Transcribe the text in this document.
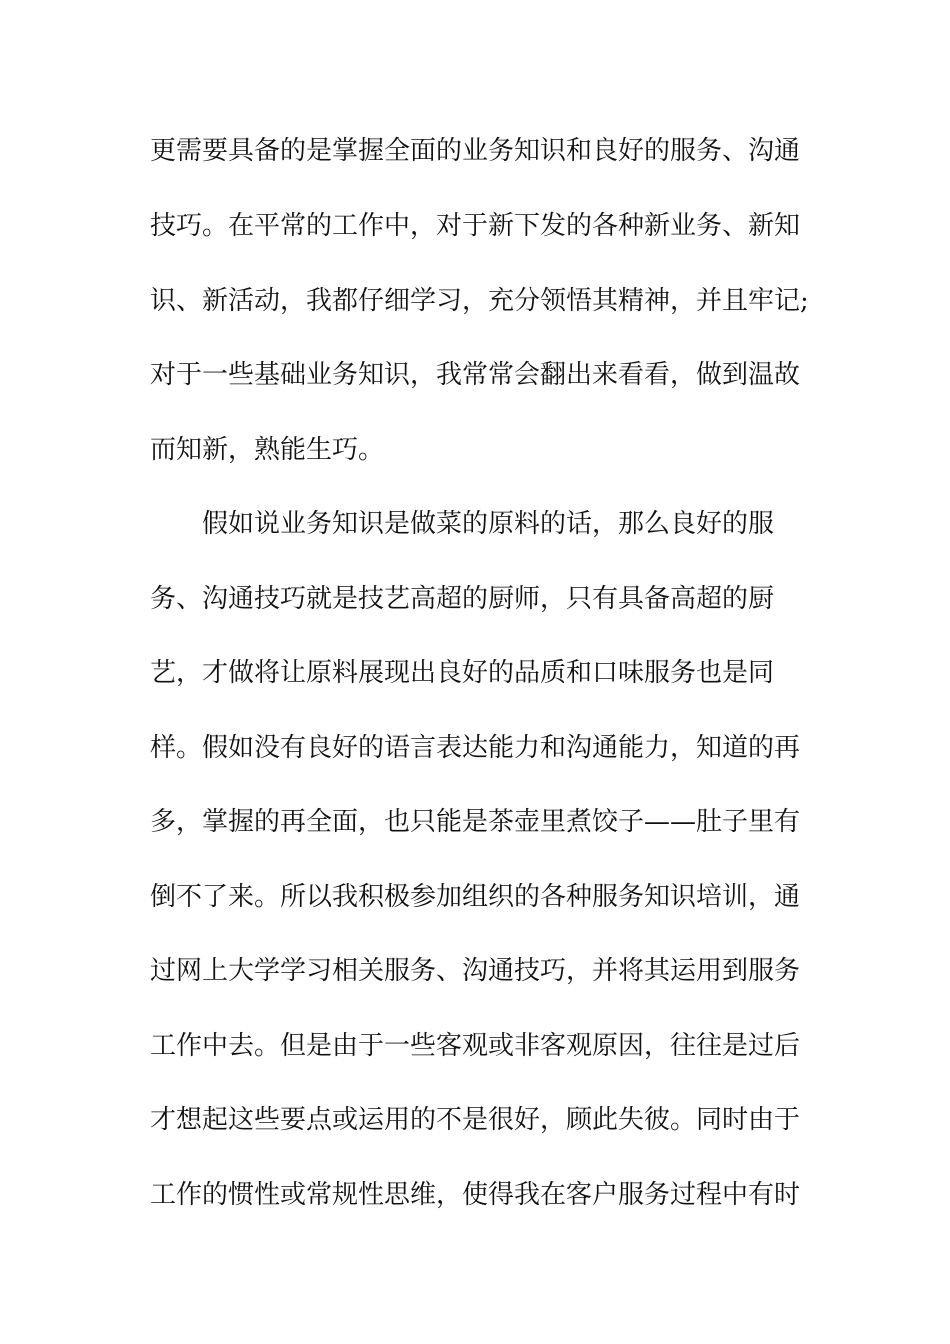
更需要具备的是掌握全面的业务知识和良好的服务、沟通
技巧。在平常的工作中，对于新下发的各种新业务、新知
识、新活动，我都仔细学习，充分领悟其精神，并且牢记;
对于一些基础业务知识，我常常会翻出来看看，做到温故
而知新，熟能生巧。
假如说业务知识是做菜的原料的话，那么良好的服
务、沟通技巧就是技艺高超的厨师，只有具备高超的厨
艺，才做将让原料展现出良好的品质和口味服务也是同
样。假如没有良好的语言表达能力和沟通能力，知道的再
多，掌握的再全面，也只能是茶壶里煮饺子——肚子里有
倒不了来。所以我积极参加组织的各种服务知识培训，通
过网上大学学习相关服务、沟通技巧，并将其运用到服务
工作中去。但是由于一些客观或非客观原因，往往是过后
才想起这些要点或运用的不是很好，顾此失彼。同时由于
工作的惯性或常规性思维，使得我在客户服务过程中有时
